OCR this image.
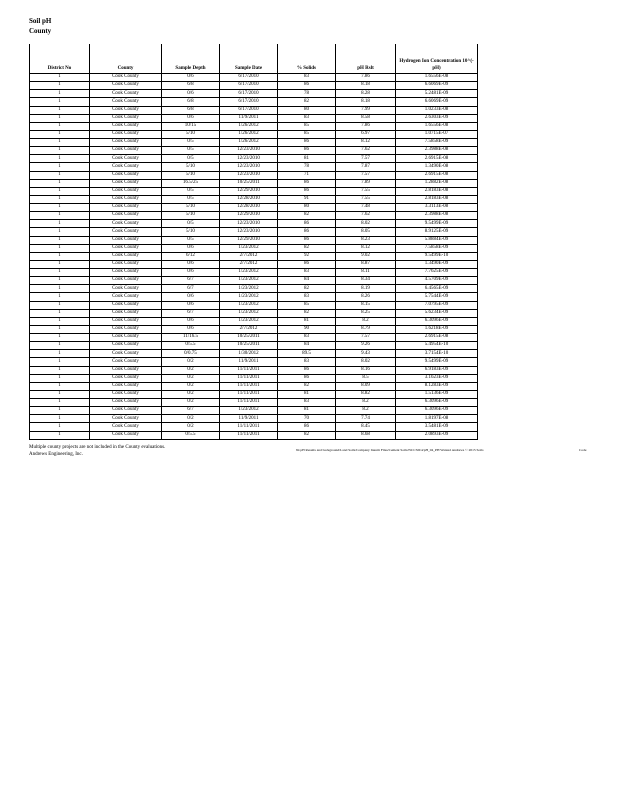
Soil pH
County
District No	County	Sample Depth	Sample Date	% Solids	pH Rslt	Hydrogen Ion Concentration 10^(-pH)
1	Cook County	0/6	6/17/2010	83	7.86	1.6556E-08
1	Cook County	6/8	6/17/2010	86	8.18	6.6069E-09
1	Cook County	0/6	6/17/2010	78	8.28	5.2481E-09
1	Cook County	6/8	6/17/2010	82	8.18	6.6069E-09
1	Cook County	6/8	6/17/2010	80	7.99	1.0233E-08
1	Cook County	0/6	11/9/2011	83	8.58	2.6303E-09
1	Cook County	10/15	1/26/2012	85	7.86	1.6556E-08
1	Cook County	5/10	1/26/2012	85	6.97	1.0715E-07
1	Cook County	0/5	1/26/2012	86	8.12	7.5858E-09
1	Cook County	0/5	12/23/2010	86	7.62	2.3988E-08
1	Cook County	0/5	12/23/2010	81	7.57	2.6915E-08
1	Cook County	5/10	12/23/2010	78	7.87	1.3490E-08
1	Cook County	5/10	12/23/2010	71	7.57	2.6915E-08
1	Cook County	16.5/25	10/25/2011	86	7.89	1.2882E-08
1	Cook County	0/5	12/29/2010	86	7.55	2.8183E-08
1	Cook County	0/5	12/28/2010	91	7.55	2.8183E-08
1	Cook County	5/10	12/28/2010	80	7.48	3.3113E-08
1	Cook County	5/10	12/29/2010	82	7.62	2.3988E-08
1	Cook County	0/5	12/23/2010	86	8.02	9.5499E-09
1	Cook County	5/10	12/23/2010	86	8.05	8.9125E-09
1	Cook County	0/5	12/29/2010	86	8.23	5.8884E-09
1	Cook County	0/6	1/23/2012	82	8.12	7.5858E-09
1	Cook County	6/12	2/7/2012	92	9.02	9.5499E-10
1	Cook County	0/6	2/7/2012	86	8.87	1.3490E-09
1	Cook County	0/6	1/23/2012	83	8.11	7.7625E-09
1	Cook County	6/7	1/23/2012	84	8.34	4.5709E-09
1	Cook County	6/7	1/23/2012	82	8.19	6.4565E-09
1	Cook County	0/6	1/23/2012	83	8.26	5.7544E-09
1	Cook County	0/6	1/23/2012	85	8.15	7.0795E-09
1	Cook County	6/7	1/23/2012	82	8.25	5.6234E-09
1	Cook County	0/6	1/23/2012	81	8.2	6.3096E-09
1	Cook County	0/6	2/7/2012	90	8.79	1.6218E-09
1	Cook County	11/16.5	10/25/2011	83	7.57	2.6915E-08
1	Cook County	0/5.5	10/25/2011	84	9.26	5.4954E-10
1	Cook County	0/0.75	1/30/2012	89.5	9.43	3.7154E-10
1	Cook County	0/2	11/9/2011	83	8.02	9.5499E-09
1	Cook County	0/2	11/11/2011	86	8.16	6.9183E-09
1	Cook County	0/2	11/11/2011	86	8.5	3.1623E-09
1	Cook County	0/2	11/11/2011	82	8.09	8.1283E-09
1	Cook County	0/2	11/11/2011	81	8.82	1.5136E-09
1	Cook County	0/2	11/11/2011	83	8.2	6.3096E-09
1	Cook County	6/7	1/23/2012	81	8.2	6.3096E-09
1	Cook County	0/2	11/9/2011	70	7.74	1.8197E-08
1	Cook County	0/2	11/11/2011	86	8.45	3.5481E-09
1	Cook County	0/5.5	11/11/2011	82	8.68	2.0893E-09
Multiple county projects are not included in the County evaluations.
Andrews Engineering, Inc.
84 pH Results and background/Land Soils/Company Interm Files/Cement Soils/NCCSD/4/pH_04_PH Wanted Andrews © 2015 Soils	Code
